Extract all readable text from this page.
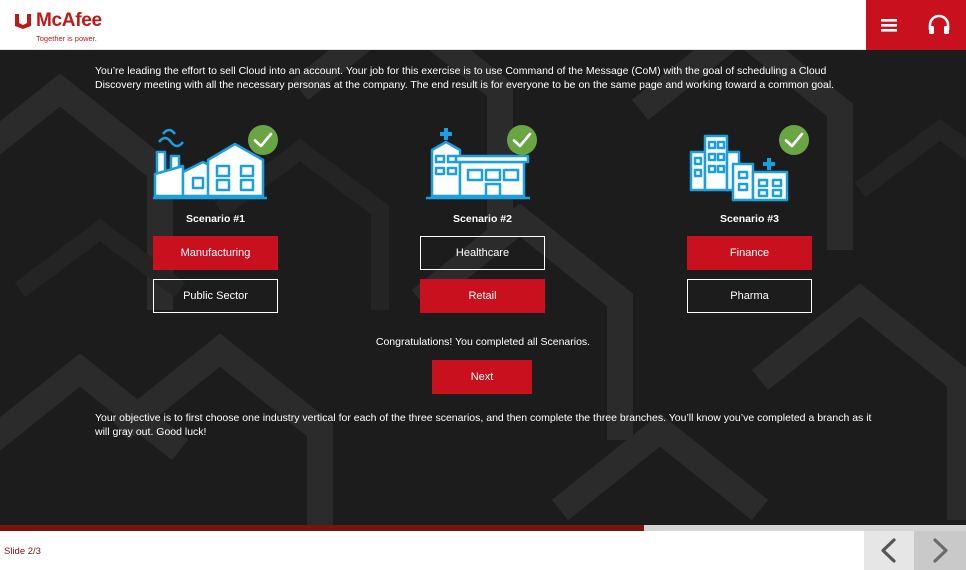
McAfee
Together is power.
You’re leading the effort to sell Cloud into an account. Your job for this exercise is to use Command of the Message (CoM) with the goal of scheduling a Cloud Discovery meeting with all the necessary personas at the company. The end result is for everyone to be on the same page and working toward a common goal.
Scenario #1
Manufacturing
Public Sector
Scenario #2
Healthcare
Retail
Scenario #3
Finance
Pharma
Congratulations! You completed all Scenarios.
Next
Your objective is to first choose one industry vertical for each of the three scenarios, and then complete the three branches. You’ll know you’ve completed a branch as it will gray out. Good luck!
Slide 2/3
